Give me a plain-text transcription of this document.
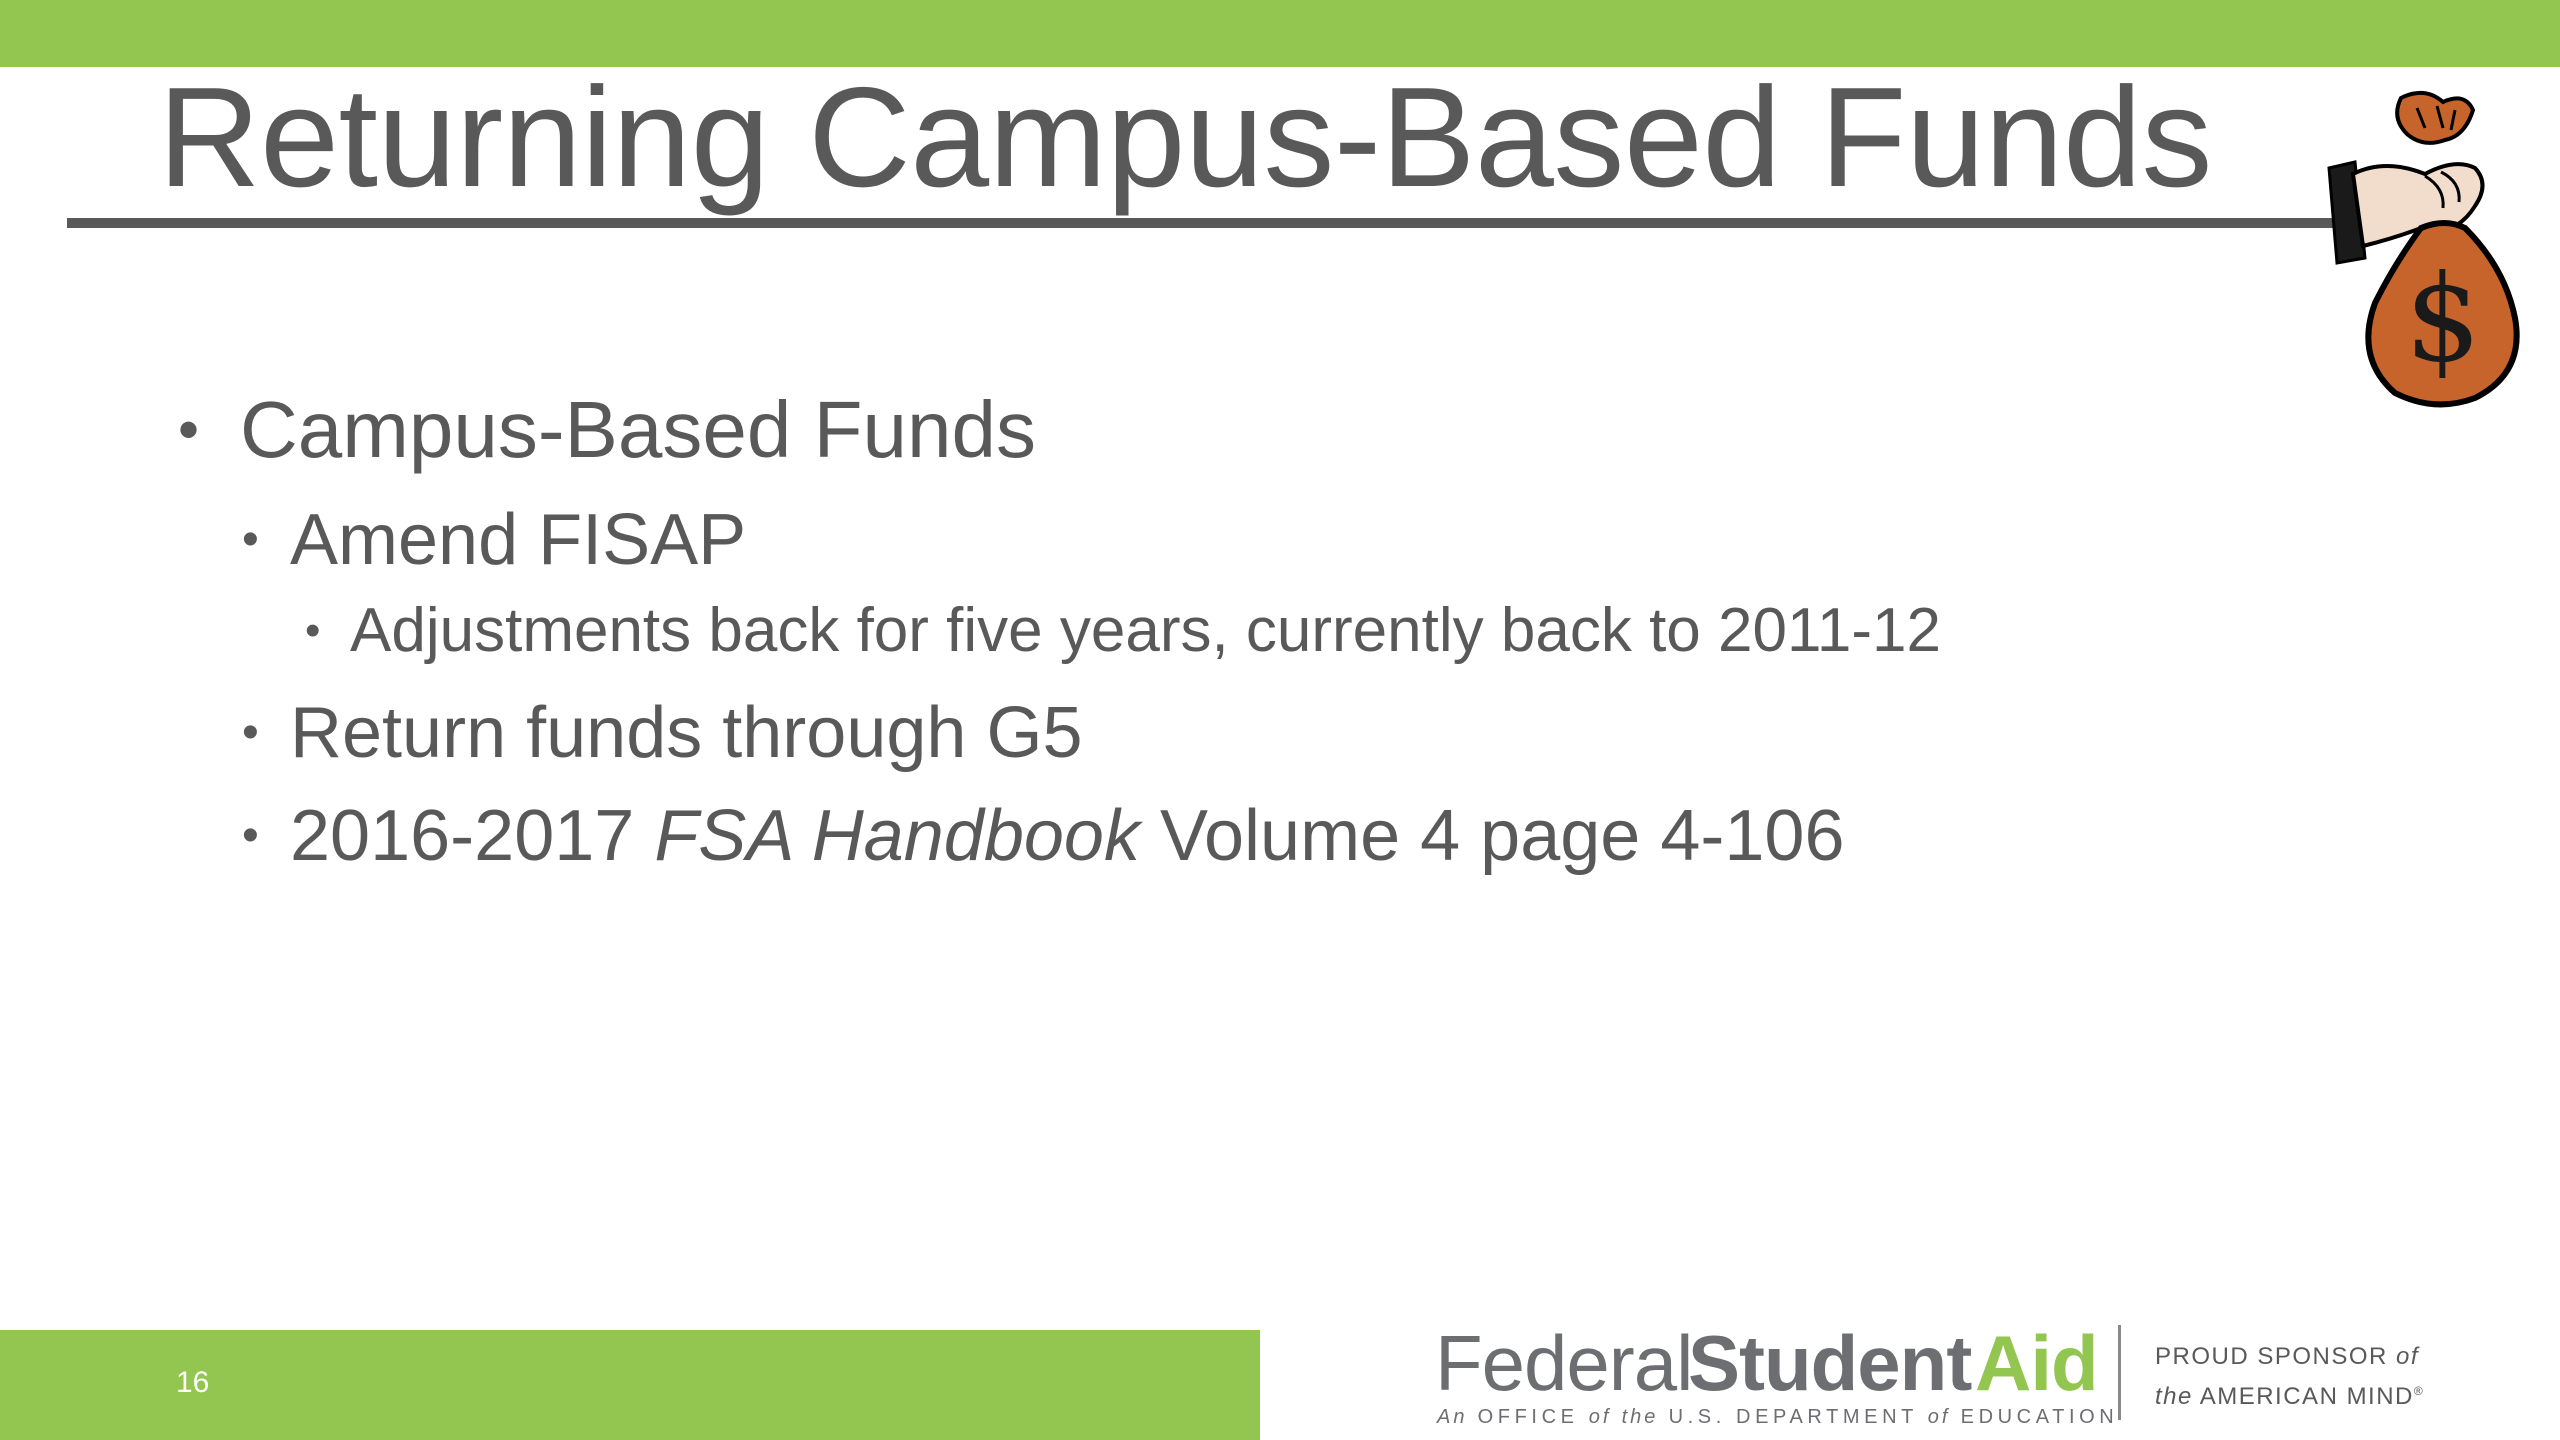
Returning Campus-Based Funds
$
• Campus-Based Funds
• Amend FISAP
• Adjustments back for five years, currently back to 2011-12
• Return funds through G5
• 2016-2017 FSA Handbook Volume 4 page 4-106
16	Federal
Student Aid
An OFFICE of the U.S. DEPARTMENT of EDUCATION
PROUD SPONSOR of
the AMERICAN MIND®
